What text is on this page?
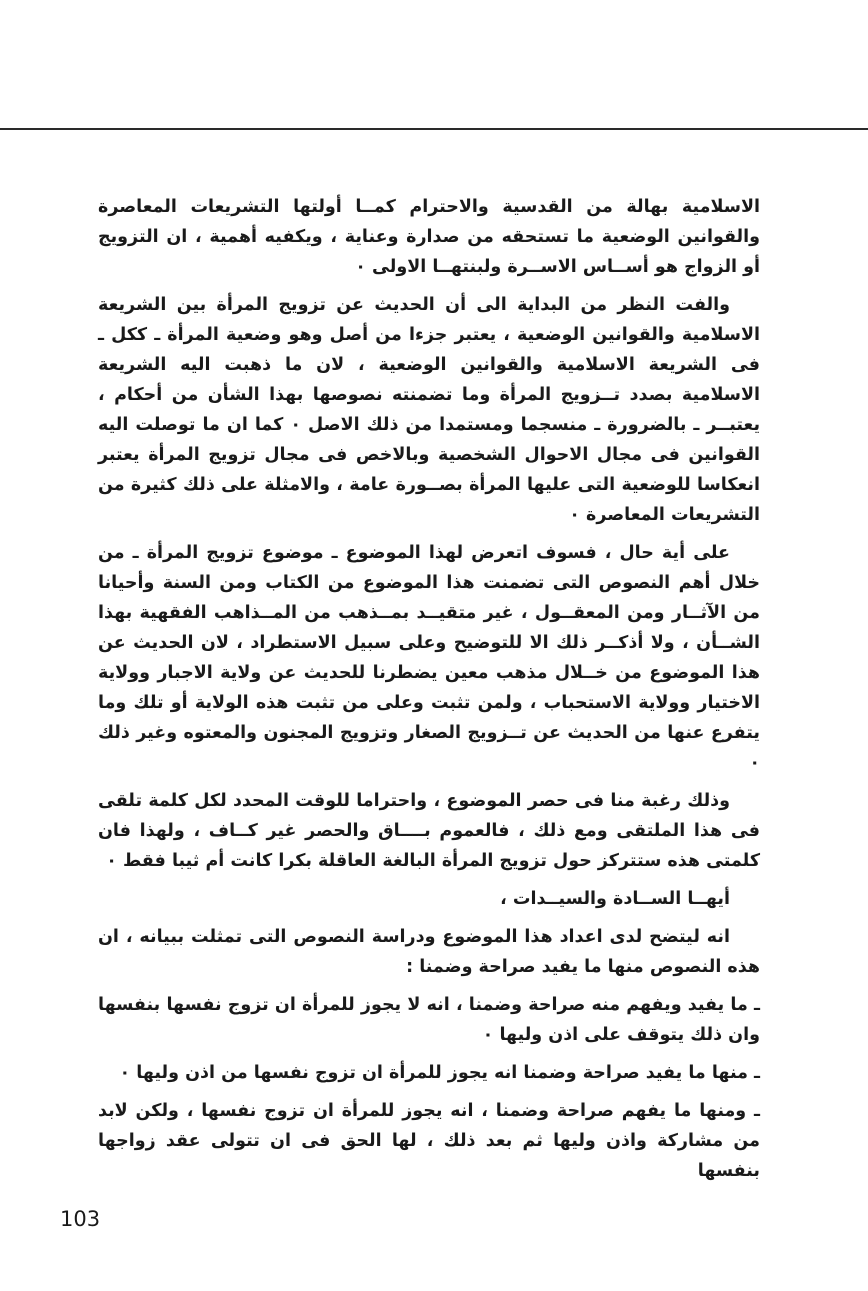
الاسلامية بهالة من القدسية والاحترام كمــا أولتها التشريعات المعاصرة والقوانين الوضعية ما تستحقه من صدارة وعناية ، ويكفيه أهمية ، ان التزويج أو الزواج هو أســاس الاســرة ولبنتهــا الاولى ٠

والفت النظر من البداية الى أن الحديث عن تزويج المرأة بين الشريعة الاسلامية والقوانين الوضعية ، يعتبر جزءا من أصل وهو وضعية المرأة ـ ككل ـ فى الشريعة الاسلامية والقوانين الوضعية ، لان ما ذهبت اليه الشريعة الاسلامية بصدد تــزويج المرأة وما تضمنته نصوصها بهذا الشأن من أحكام ، يعتبــر ـ بالضرورة ـ منسجما ومستمدا من ذلك الاصل ٠ كما ان ما توصلت اليه القوانين فى مجال الاحوال الشخصية وبالاخص فى مجال تزويج المرأة يعتبر انعكاسا للوضعية التى عليها المرأة بصــورة عامة ، والامثلة على ذلك كثيرة من التشريعات المعاصرة ٠

على أية حال ، فسوف اتعرض لهذا الموضوع ـ موضوع تزويج المرأة ـ من خلال أهم النصوص التى تضمنت هذا الموضوع من الكتاب ومن السنة وأحيانا من الآثــار ومن المعقــول ، غير متقيــد بمــذهب من المــذاهب الفقهية بهذا الشــأن ، ولا أذكــر ذلك الا للتوضيح وعلى سبيل الاستطراد ، لان الحديث عن هذا الموضوع من خــلال مذهب معين يضطرنا للحديث عن ولاية الاجبار وولاية الاختيار وولاية الاستحباب ، ولمن تثبت وعلى من تثبت هذه الولاية أو تلك وما يتفرع عنها من الحديث عن تــزويج الصغار وتزويج المجنون والمعتوه وغير ذلك ٠

وذلك رغبة منا فى حصر الموضوع ، واحتراما للوقت المحدد لكل كلمة تلقى فى هذا الملتقى ومع ذلك ، فالعموم بــــاق والحصر غير كــاف ، ولهذا فان كلمتى هذه ستتركز حول تزويج المرأة البالغة العاقلة بكرا كانت أم ثيبا فقط ٠

أيهــا الســادة والسيــدات ،

انه ليتضح لدى اعداد هذا الموضوع ودراسة النصوص التى تمثلت ببيانه ، ان هذه النصوص منها ما يفيد صراحة وضمنا :

ـ ما يفيد ويفهم منه صراحة وضمنا ، انه لا يجوز للمرأة ان تزوج نفسها بنفسها وان ذلك يتوقف على اذن وليها ٠

ـ منها ما يفيد صراحة وضمنا انه يجوز للمرأة ان تزوج نفسها من اذن وليها ٠

ـ ومنها ما يفهم صراحة وضمنا ، انه يجوز للمرأة ان تزوج نفسها ، ولكن لابد من مشاركة واذن وليها ثم بعد ذلك ، لها الحق فى ان تتولى عقد زواجها بنفسها

103
